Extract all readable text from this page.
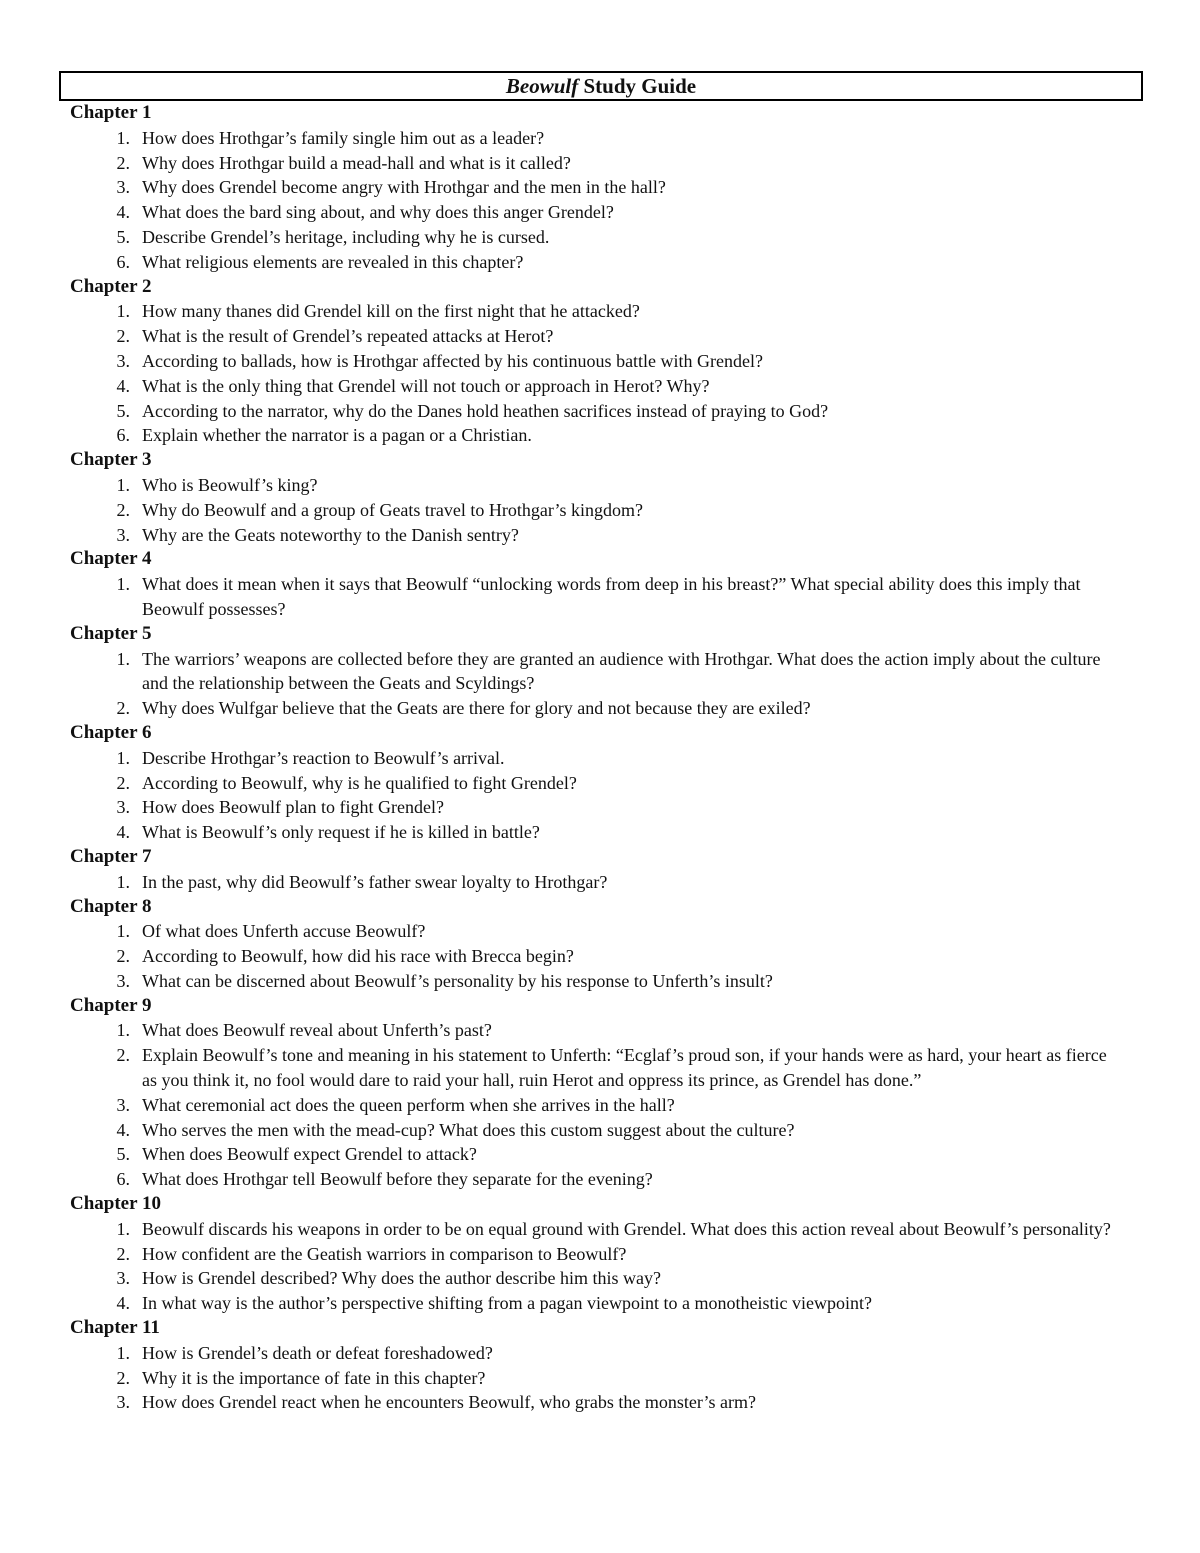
Beowulf Study Guide
Chapter 1
1. How does Hrothgar’s family single him out as a leader?
2. Why does Hrothgar build a mead-hall and what is it called?
3. Why does Grendel become angry with Hrothgar and the men in the hall?
4. What does the bard sing about, and why does this anger Grendel?
5. Describe Grendel’s heritage, including why he is cursed.
6. What religious elements are revealed in this chapter?
Chapter 2
1. How many thanes did Grendel kill on the first night that he attacked?
2. What is the result of Grendel’s repeated attacks at Herot?
3. According to ballads, how is Hrothgar affected by his continuous battle with Grendel?
4. What is the only thing that Grendel will not touch or approach in Herot? Why?
5. According to the narrator, why do the Danes hold heathen sacrifices instead of praying to God?
6. Explain whether the narrator is a pagan or a Christian.
Chapter 3
1. Who is Beowulf’s king?
2. Why do Beowulf and a group of Geats travel to Hrothgar’s kingdom?
3. Why are the Geats noteworthy to the Danish sentry?
Chapter 4
1. What does it mean when it says that Beowulf “unlocking words from deep in his breast?” What special ability does this imply that Beowulf possesses?
Chapter 5
1. The warriors’ weapons are collected before they are granted an audience with Hrothgar. What does the action imply about the culture and the relationship between the Geats and Scyldings?
2. Why does Wulfgar believe that the Geats are there for glory and not because they are exiled?
Chapter 6
1. Describe Hrothgar’s reaction to Beowulf’s arrival.
2. According to Beowulf, why is he qualified to fight Grendel?
3. How does Beowulf plan to fight Grendel?
4. What is Beowulf’s only request if he is killed in battle?
Chapter 7
1. In the past, why did Beowulf’s father swear loyalty to Hrothgar?
Chapter 8
1. Of what does Unferth accuse Beowulf?
2. According to Beowulf, how did his race with Brecca begin?
3. What can be discerned about Beowulf’s personality by his response to Unferth’s insult?
Chapter 9
1. What does Beowulf reveal about Unferth’s past?
2. Explain Beowulf’s tone and meaning in his statement to Unferth: “Ecglaf’s proud son, if your hands were as hard, your heart as fierce as you think it, no fool would dare to raid your hall, ruin Herot and oppress its prince, as Grendel has done.”
3. What ceremonial act does the queen perform when she arrives in the hall?
4. Who serves the men with the mead-cup? What does this custom suggest about the culture?
5. When does Beowulf expect Grendel to attack?
6. What does Hrothgar tell Beowulf before they separate for the evening?
Chapter 10
1. Beowulf discards his weapons in order to be on equal ground with Grendel. What does this action reveal about Beowulf’s personality?
2. How confident are the Geatish warriors in comparison to Beowulf?
3. How is Grendel described? Why does the author describe him this way?
4. In what way is the author’s perspective shifting from a pagan viewpoint to a monotheistic viewpoint?
Chapter 11
1. How is Grendel’s death or defeat foreshadowed?
2. Why it is the importance of fate in this chapter?
3. How does Grendel react when he encounters Beowulf, who grabs the monster’s arm?
